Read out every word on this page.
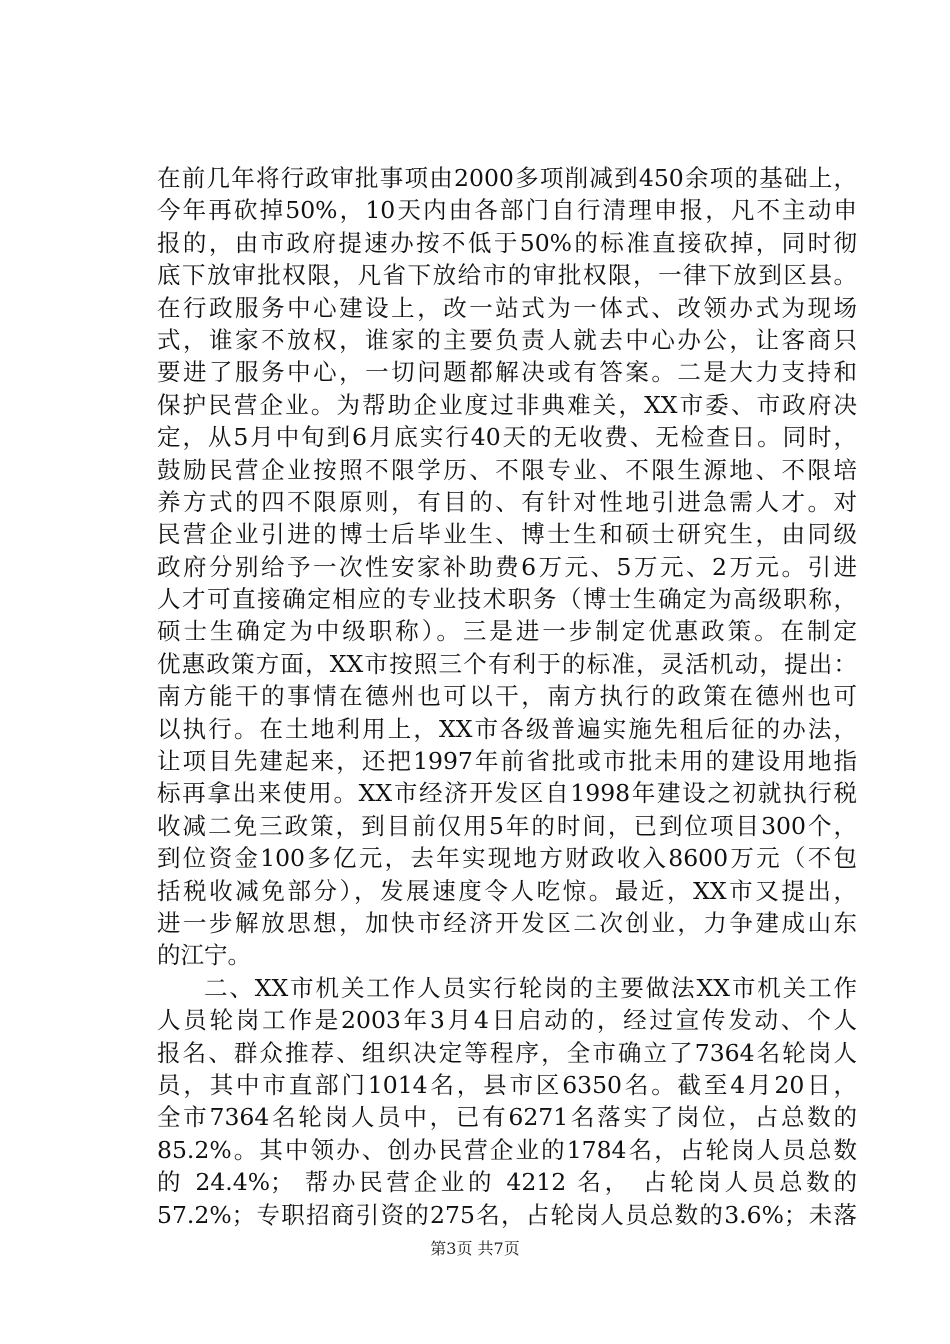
在前几年将行政审批事项由2000多项削减到450余项的基础上，
今年再砍掉50%，10天内由各部门自行清理申报，凡不主动申
报的，由市政府提速办按不低于50%的标准直接砍掉，同时彻
底下放审批权限，凡省下放给市的审批权限，一律下放到区县。
在行政服务中心建设上，改一站式为一体式、改领办式为现场
式，谁家不放权，谁家的主要负责人就去中心办公，让客商只
要进了服务中心，一切问题都解决或有答案。二是大力支持和
保护民营企业。为帮助企业度过非典难关，XX市委、市政府决
定，从5月中旬到6月底实行40天的无收费、无检查日。同时，
鼓励民营企业按照不限学历、不限专业、不限生源地、不限培
养方式的四不限原则，有目的、有针对性地引进急需人才。对
民营企业引进的博士后毕业生、博士生和硕士研究生，由同级
政府分别给予一次性安家补助费6万元、5万元、2万元。引进
人才可直接确定相应的专业技术职务（博士生确定为高级职称，
硕士生确定为中级职称）。三是进一步制定优惠政策。在制定
优惠政策方面，XX市按照三个有利于的标准，灵活机动，提出：
南方能干的事情在德州也可以干，南方执行的政策在德州也可
以执行。在土地利用上，XX市各级普遍实施先租后征的办法，
让项目先建起来，还把1997年前省批或市批未用的建设用地指
标再拿出来使用。XX市经济开发区自1998年建设之初就执行税
收减二免三政策，到目前仅用5年的时间，已到位项目300个，
到位资金100多亿元，去年实现地方财政收入8600万元（不包
括税收减免部分），发展速度令人吃惊。最近，XX市又提出，
进一步解放思想，加快市经济开发区二次创业，力争建成山东
的江宁。
二、XX市机关工作人员实行轮岗的主要做法XX市机关工作
人员轮岗工作是2003年3月4日启动的，经过宣传发动、个人
报名、群众推荐、组织决定等程序，全市确立了7364名轮岗人
员，其中市直部门1014名，县市区6350名。截至4月20日，
全市7364名轮岗人员中，已有6271名落实了岗位，占总数的
85.2%。其中领办、创办民营企业的1784名，占轮岗人员总数
的 24.4%； 帮办民营企业的 4212 名， 占轮岗人员总数的
57.2%；专职招商引资的275名，占轮岗人员总数的3.6%；未落
第3页 共7页
